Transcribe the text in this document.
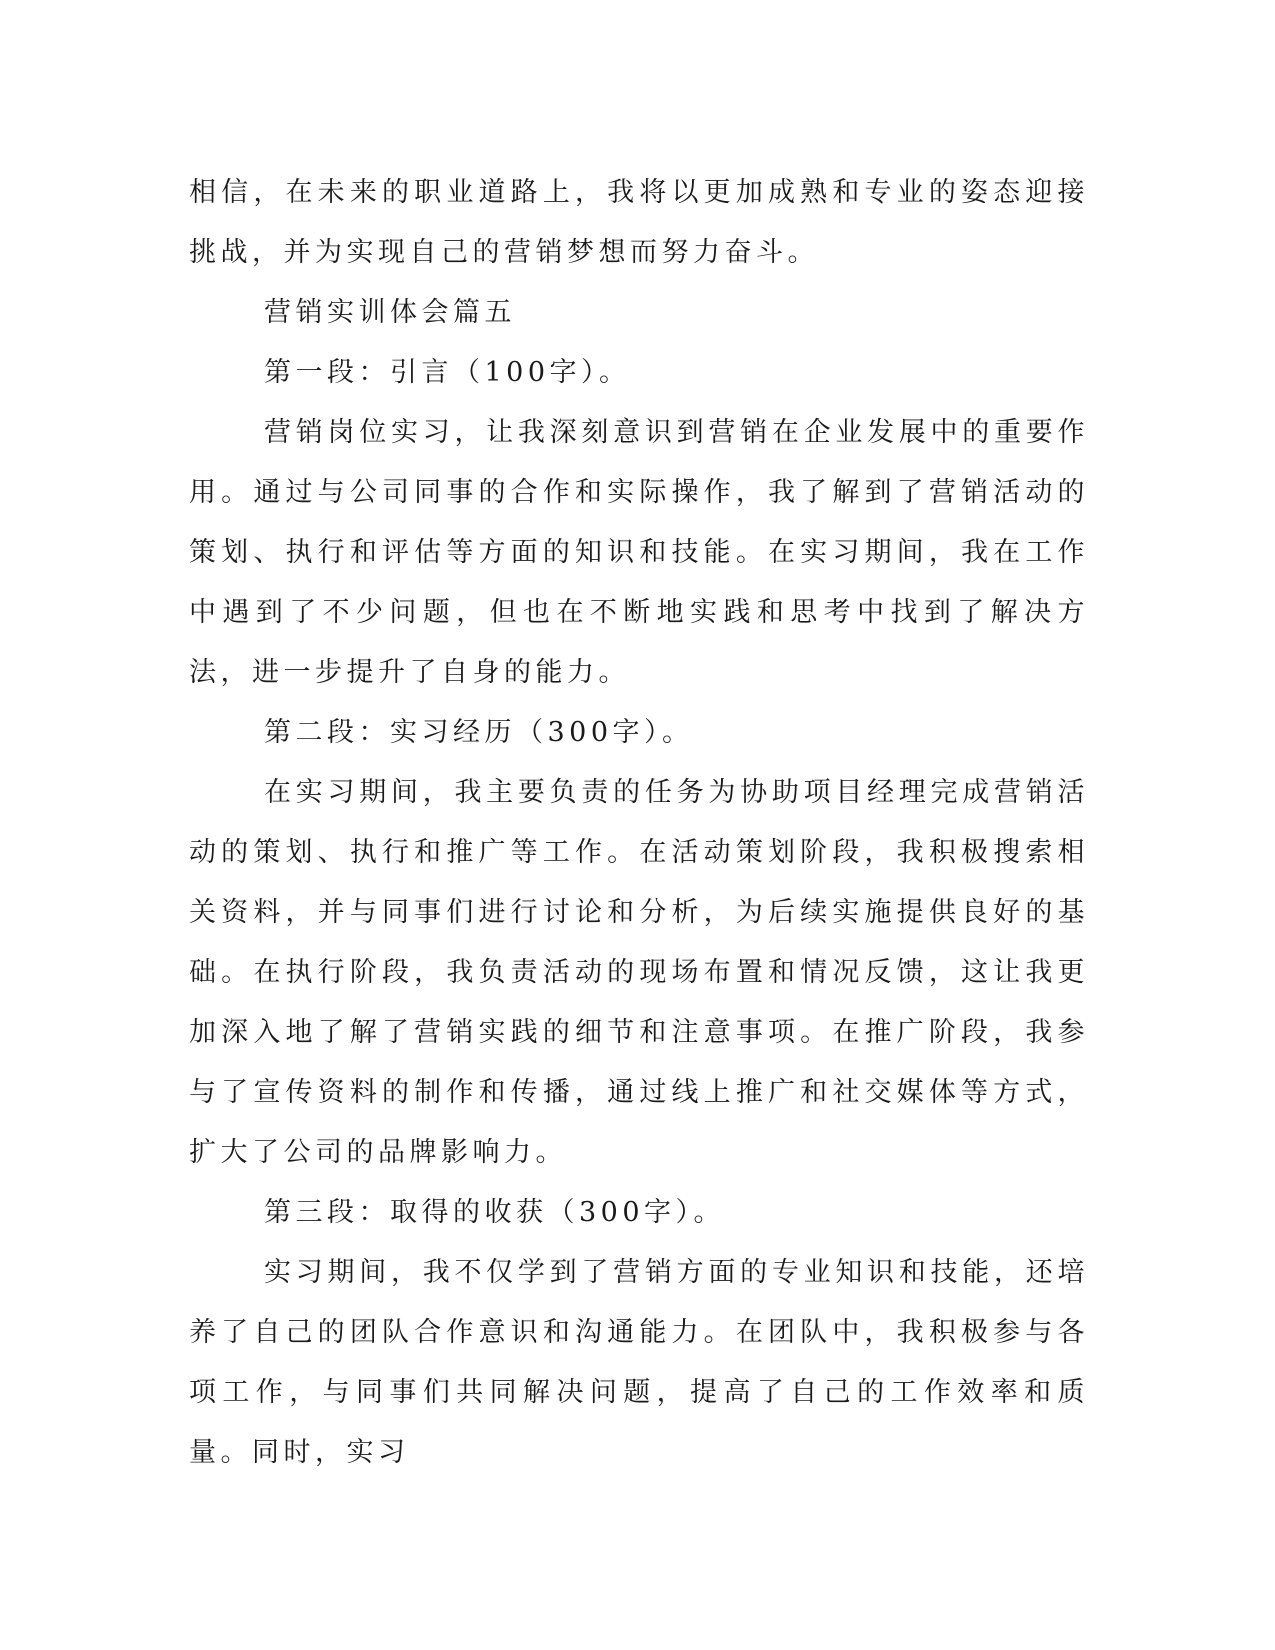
相信，在未来的职业道路上，我将以更加成熟和专业的姿态迎接挑战，并为实现自己的营销梦想而努力奋斗。

营销实训体会篇五

第一段：引言（100字）。

营销岗位实习，让我深刻意识到营销在企业发展中的重要作用。通过与公司同事的合作和实际操作，我了解到了营销活动的策划、执行和评估等方面的知识和技能。在实习期间，我在工作中遇到了不少问题，但也在不断地实践和思考中找到了解决方法，进一步提升了自身的能力。

第二段：实习经历（300字）。

在实习期间，我主要负责的任务为协助项目经理完成营销活动的策划、执行和推广等工作。在活动策划阶段，我积极搜索相关资料，并与同事们进行讨论和分析，为后续实施提供良好的基础。在执行阶段，我负责活动的现场布置和情况反馈，这让我更加深入地了解了营销实践的细节和注意事项。在推广阶段，我参与了宣传资料的制作和传播，通过线上推广和社交媒体等方式，扩大了公司的品牌影响力。

第三段：取得的收获（300字）。

实习期间，我不仅学到了营销方面的专业知识和技能，还培养了自己的团队合作意识和沟通能力。在团队中，我积极参与各项工作，与同事们共同解决问题，提高了自己的工作效率和质量。同时，实习
